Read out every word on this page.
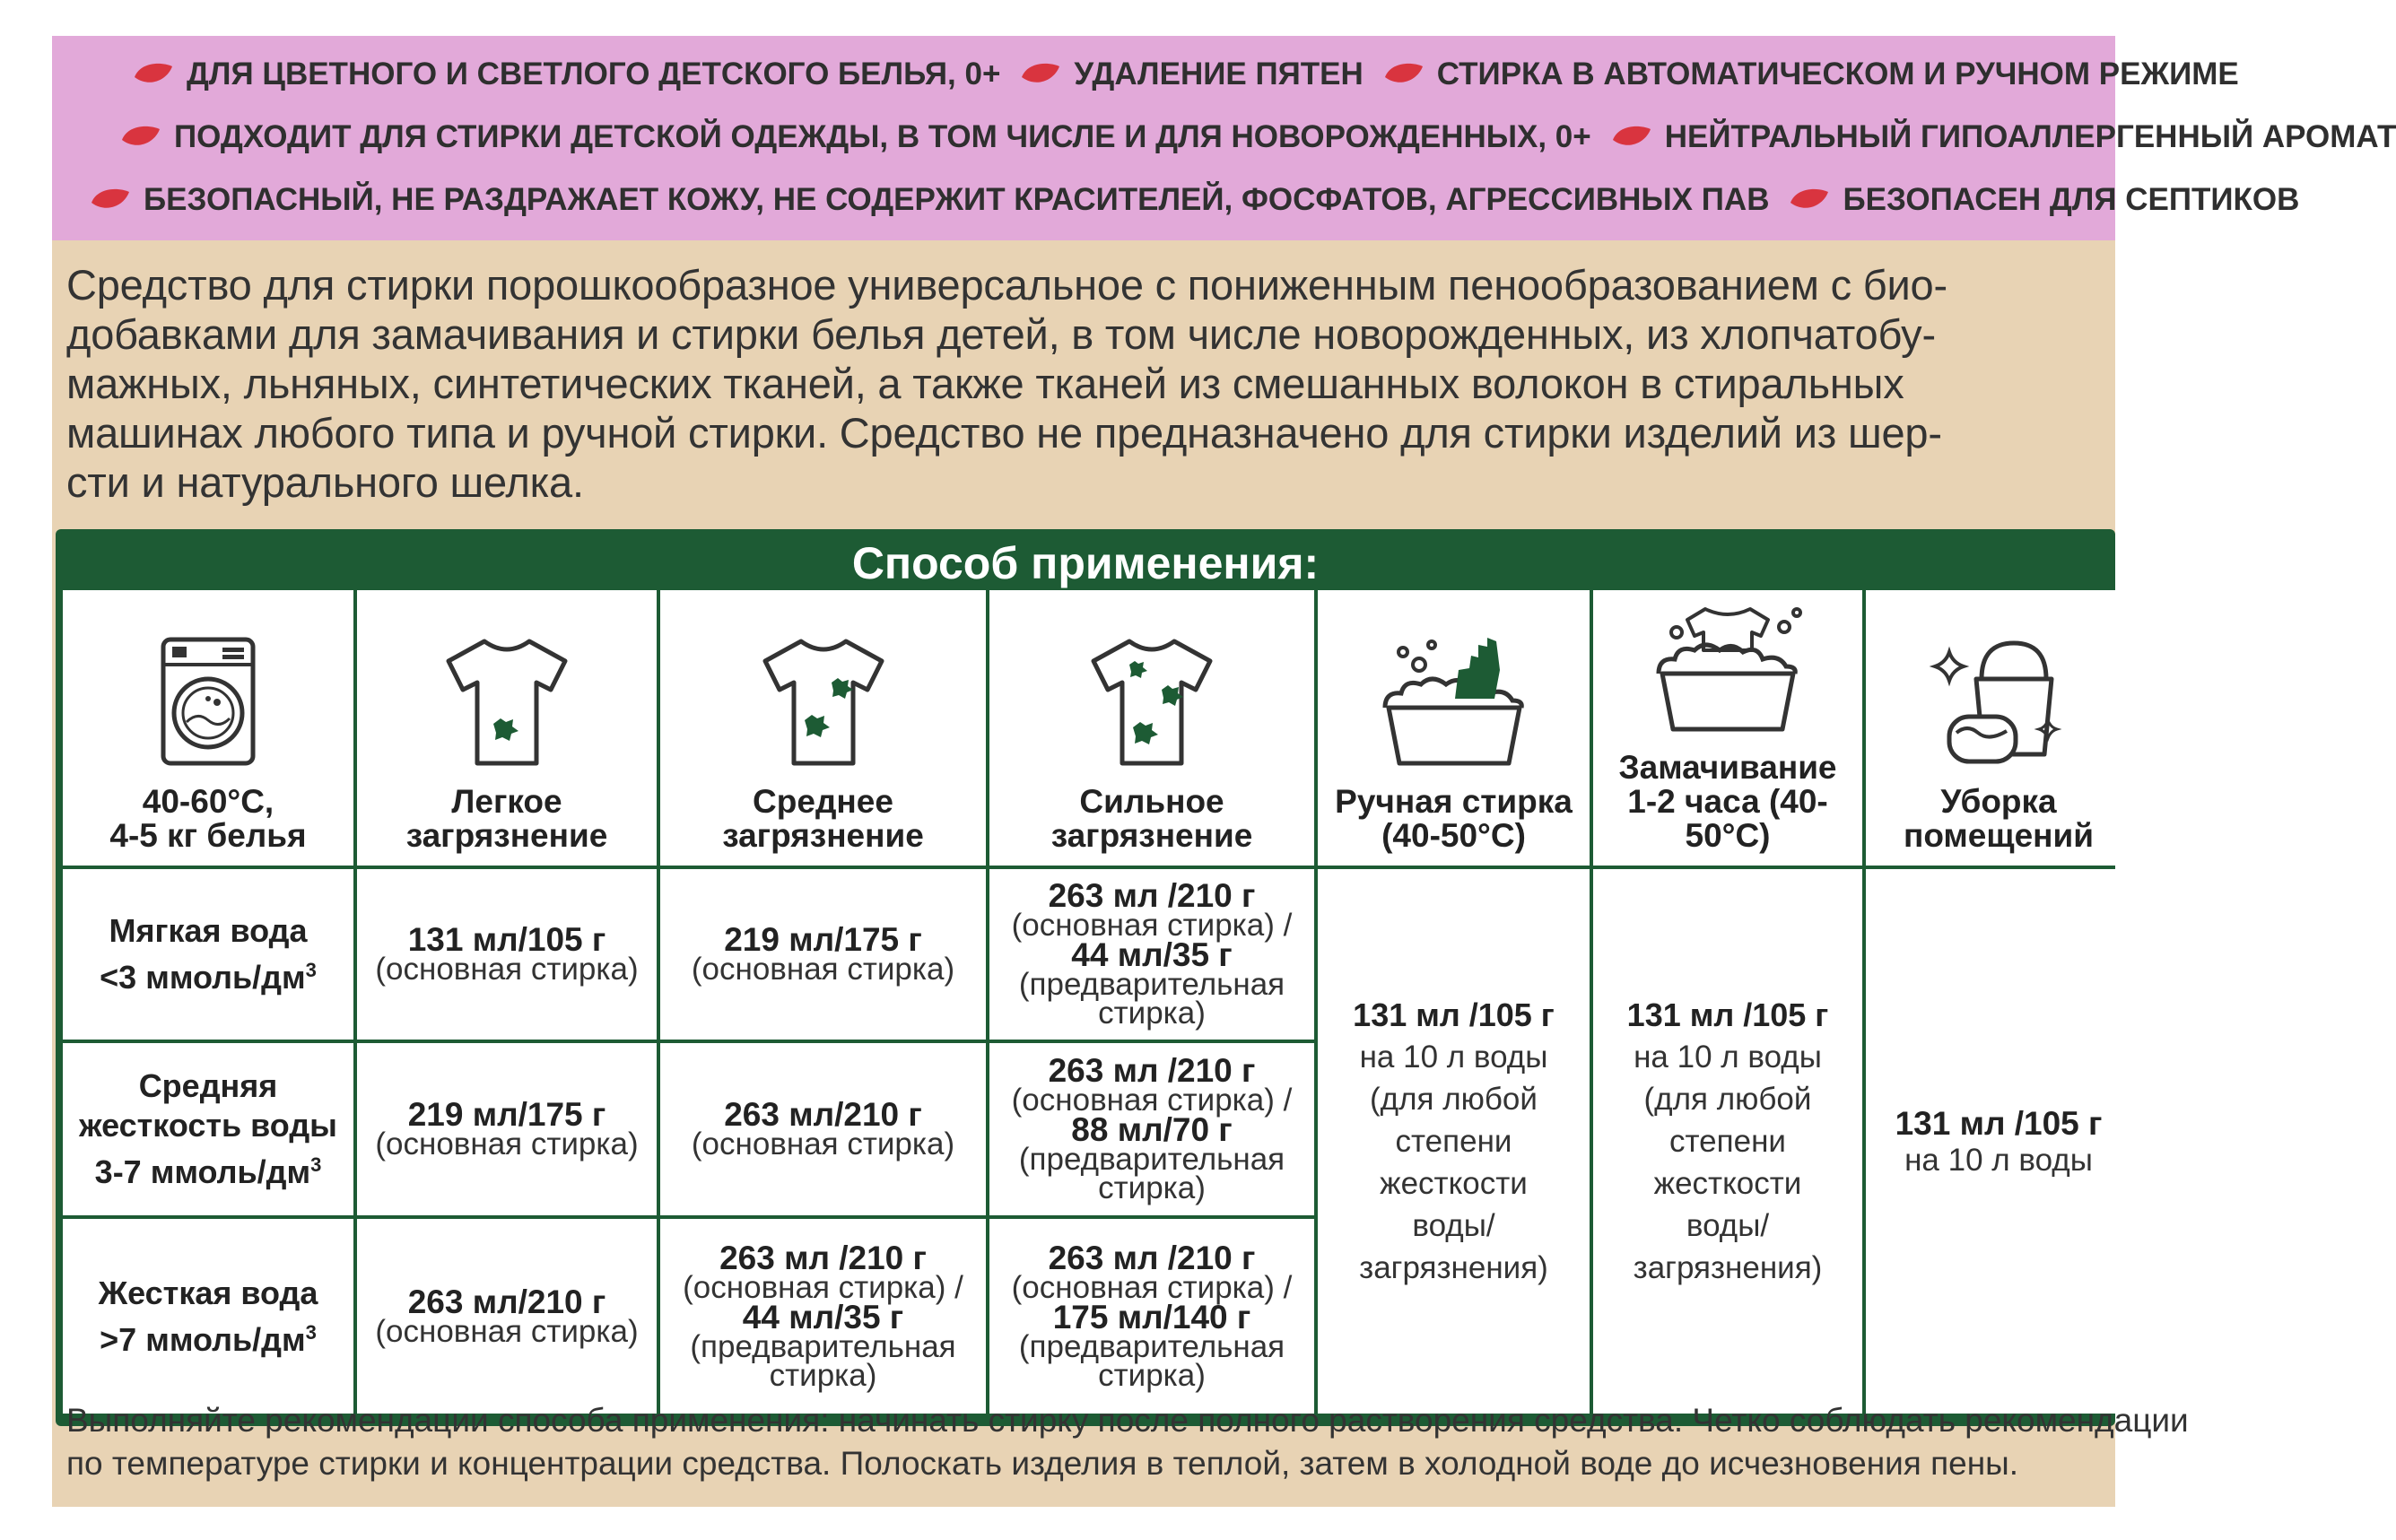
ДЛЯ ЦВЕТНОГО И СВЕТЛОГО ДЕТСКОГО БЕЛЬЯ, 0+ УДАЛЕНИЕ ПЯТЕН СТИРКА В АВТОМАТИЧЕСКОМ И РУЧНОМ РЕЖИМЕ
ПОДХОДИТ ДЛЯ СТИРКИ ДЕТСКОЙ ОДЕЖДЫ, В ТОМ ЧИСЛЕ И ДЛЯ НОВОРОЖДЕННЫХ, 0+ НЕЙТРАЛЬНЫЙ ГИПОАЛЛЕРГЕННЫЙ АРОМАТ
БЕЗОПАСНЫЙ, НЕ РАЗДРАЖАЕТ КОЖУ, НЕ СОДЕРЖИТ КРАСИТЕЛЕЙ, ФОСФАТОВ, АГРЕССИВНЫХ ПАВ БЕЗОПАСЕН ДЛЯ СЕПТИКОВ
Средство для стирки порошкообразное универсальное с пониженным пенообразованием с био-
добавками для замачивания и стирки белья детей, в том числе новорожденных, из хлопчатобу-
мажных, льняных, синтетических тканей, а также тканей из смешанных волокон в стиральных
машинах любого типа и ручной стирки. Средство не предназначено для стирки изделий из шер-
сти и натурального шелка.
Способ применения:
40-60°С,
4-5 кг белья
Легкое
загрязнение
Среднее
загрязнение
Сильное
загрязнение
Ручная стирка
(40-50°С)
Замачивание
1-2 часа (40-50°С)
Уборка
помещений
Мягкая вода
<3 ммоль/$дм^3$
131 мл/105 г
(основная стирка)
219 мл/175 г
(основная стирка)
263 мл /210 г
(основная стирка) /
44 мл/35 г
(предварительная
стирка)	131 мл /105 г
на 10 л воды
(для любой
степени
жесткости
воды/
загрязнения)
131 мл /105 г
на 10 л воды
(для любой
степени
жесткости
воды/
загрязнения)
131 мл /105 г
на 10 л воды
Средняя
жесткость воды
3-7 ммоль/$дм^3$
219 мл/175 г
(основная стирка)
263 мл/210 г
(основная стирка)
263 мл /210 г
(основная стирка) /
88 мл/70 г
(предварительная
стирка)
Жесткая вода
>7 ммоль/$дм^3$
263 мл/210 г
(основная стирка)
263 мл /210 г
(основная стирка) /
44 мл/35 г
(предварительная
стирка)
263 мл /210 г
(основная стирка) /
175 мл/140 г
(предварительная
стирка)
Выполняйте рекомендации способа применения: начинать стирку после полного растворения средства. Четко соблюдать рекомендации
по температуре стирки и концентрации средства. Полоскать изделия в теплой, затем в холодной воде до исчезновения пены.
